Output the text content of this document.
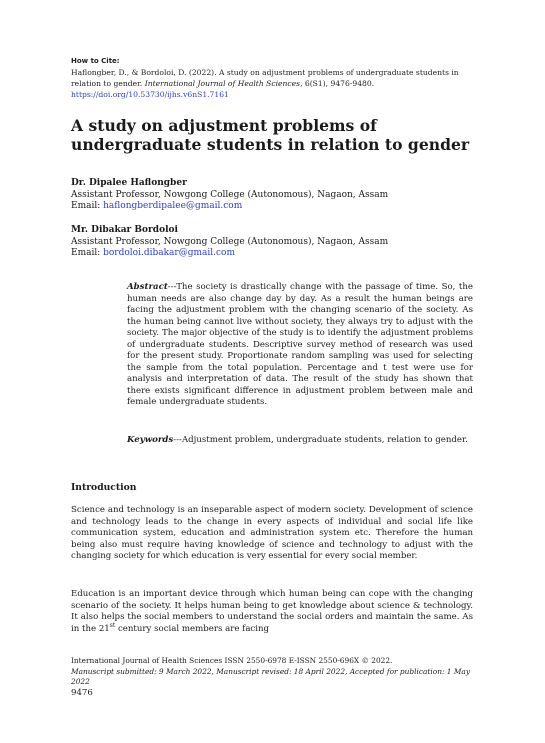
How to Cite:
Haflongber, D., & Bordoloi, D. (2022). A study on adjustment problems of undergraduate students in relation to gender. International Journal of Health Sciences, 6(S1), 9476-9480.
https://doi.org/10.53730/ijhs.v6nS1.7161
A study on adjustment problems of undergraduate students in relation to gender
Dr. Dipalee Haflongber
Assistant Professor, Nowgong College (Autonomous), Nagaon, Assam
Email: haflongberdipalee@gmail.com
Mr. Dibakar Bordoloi
Assistant Professor, Nowgong College (Autonomous), Nagaon, Assam
Email: bordoloi.dibakar@gmail.com
Abstract---The society is drastically change with the passage of time. So, the human needs are also change day by day. As a result the human beings are facing the adjustment problem with the changing scenario of the society. As the human being cannot live without society, they always try to adjust with the society. The major objective of the study is to identify the adjustment problems of undergraduate students. Descriptive survey method of research was used for the present study. Proportionate random sampling was used for selecting the sample from the total population. Percentage and t test were use for analysis and interpretation of data. The result of the study has shown that there exists significant difference in adjustment problem between male and female undergraduate students.
Keywords---Adjustment problem, undergraduate students, relation to gender.
Introduction
Science and technology is an inseparable aspect of modern society. Development of science and technology leads to the change in every aspects of individual and social life like communication system, education and administration system etc. Therefore the human being also must require having knowledge of science and technology to adjust with the changing society for which education is very essential for every social member.
Education is an important device through which human being can cope with the changing scenario of the society. It helps human being to get knowledge about science & technology. It also helps the social members to understand the social orders and maintain the same. As in the 21st century social members are facing
International Journal of Health Sciences ISSN 2550-6978 E-ISSN 2550-696X © 2022.
Manuscript submitted: 9 March 2022, Manuscript revised: 18 April 2022, Accepted for publication: 1 May 2022
9476
